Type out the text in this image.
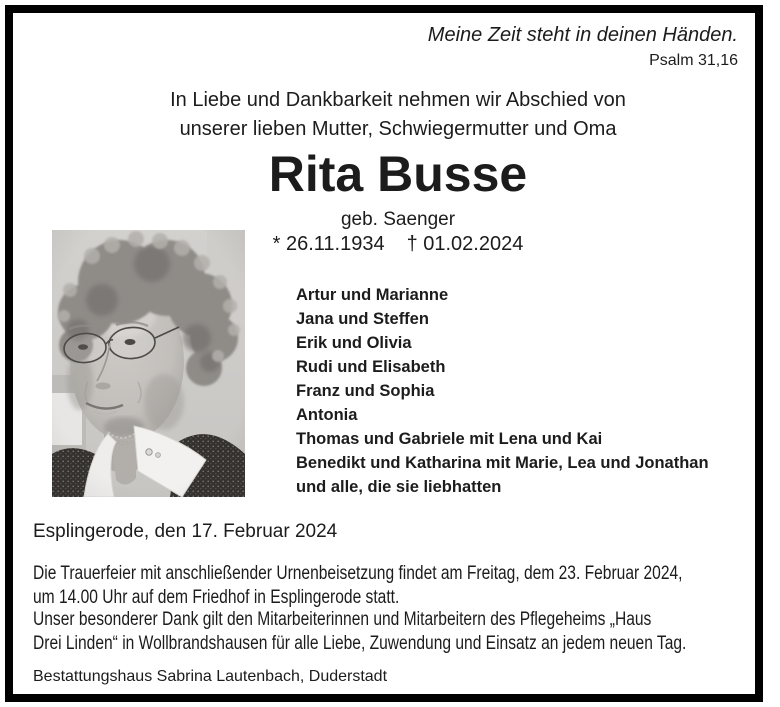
Meine Zeit steht in deinen Händen.
Psalm 31,16
In Liebe und Dankbarkeit nehmen wir Abschied von
unserer lieben Mutter, Schwiegermutter und Oma
Rita Busse
geb. Saenger
* 26.11.1934 † 01.02.2024
Artur und Marianne
Jana und Steffen
Erik und Olivia
Rudi und Elisabeth
Franz und Sophia
Antonia
Thomas und Gabriele mit Lena und Kai
Benedikt und Katharina mit Marie, Lea und Jonathan
und alle, die sie liebhatten
Esplingerode, den 17. Februar 2024
Die Trauerfeier mit anschließender Urnenbeisetzung findet am Freitag, dem 23. Februar 2024,
um 14.00 Uhr auf dem Friedhof in Esplingerode statt.
Unser besonderer Dank gilt den Mitarbeiterinnen und Mitarbeitern des Pflegeheims „Haus
Drei Linden“ in Wollbrandshausen für alle Liebe, Zuwendung und Einsatz an jedem neuen Tag.
Bestattungshaus Sabrina Lautenbach, Duderstadt
